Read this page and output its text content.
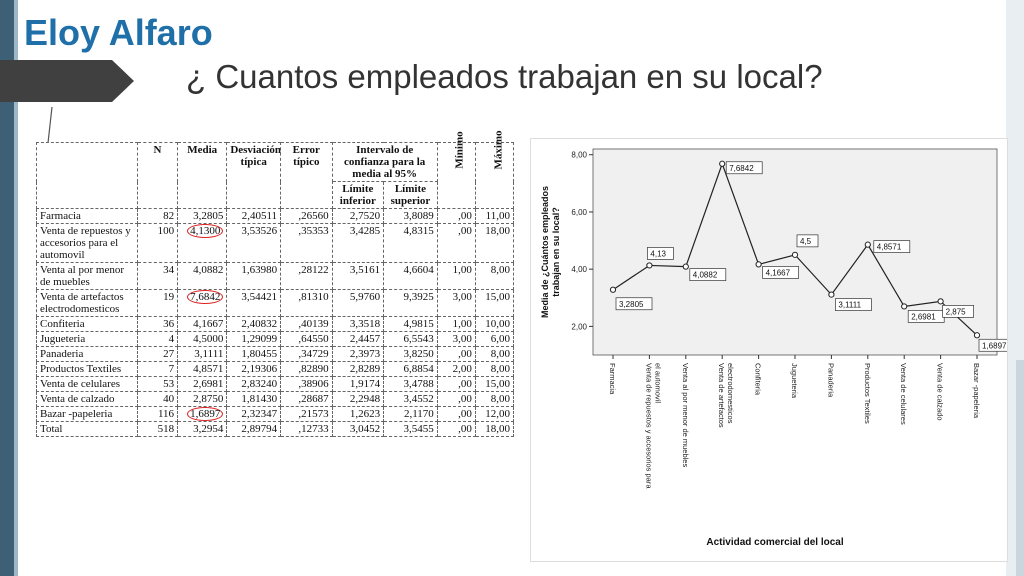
Eloy Alfaro
¿ Cuantos empleados trabajan en su local?
	N	Media	Desviación típica	Error típico	Intervalo de confianza para la media al 95%		Mínimo	Máximo
					Límite inferior	Límite superior		
Farmacia	82	3,2805	2,40511	,26560	2,7520	3,8089	,00	11,00
Venta de repuestos y accesorios para el automovil	100	4,1300	3,53526	,35353	3,4285	4,8315	,00	18,00
Venta al por menor de muebles	34	4,0882	1,63980	,28122	3,5161	4,6604	1,00	8,00
Venta de artefactos electrodomesticos	19	7,6842	3,54421	,81310	5,9760	9,3925	3,00	15,00
Confiteria	36	4,1667	2,40832	,40139	3,3518	4,9815	1,00	10,00
Jugueteria	4	4,5000	1,29099	,64550	2,4457	6,5543	3,00	6,00
Panaderia	27	3,1111	1,80455	,34729	2,3973	3,8250	,00	8,00
Productos Textiles	7	4,8571	2,19306	,82890	2,8289	6,8854	2,00	8,00
Venta de celulares	53	2,6981	2,83240	,38906	1,9174	3,4788	,00	15,00
Venta de calzado	40	2,8750	1,81430	,28687	2,2948	3,4552	,00	8,00
Bazar -papeleria	116	1,6897	2,32347	,21573	1,2623	2,1170	,00	12,00
Total	518	3,2954	2,89794	,12733	3,0452	3,5455	,00	18,00
2,00
4,00
6,00
8,00
Media de ¿Cuántos empleadostrabajan en su local?
3,2805
4,13
4,0882
7,6842
4,1667
4,5
3,1111
4,8571
2,6981
2,875
1,6897
Farmacia	Venta de repuestos y accesorios parael automovil Venta al por menor de muebles	Venta de artefactoselectrodomesticos Confiteria	Jugueteria	Panaderia	Productos Textiles	Venta de celulares	Venta de calzado	Bazar -papeleria
Actividad comercial del local
